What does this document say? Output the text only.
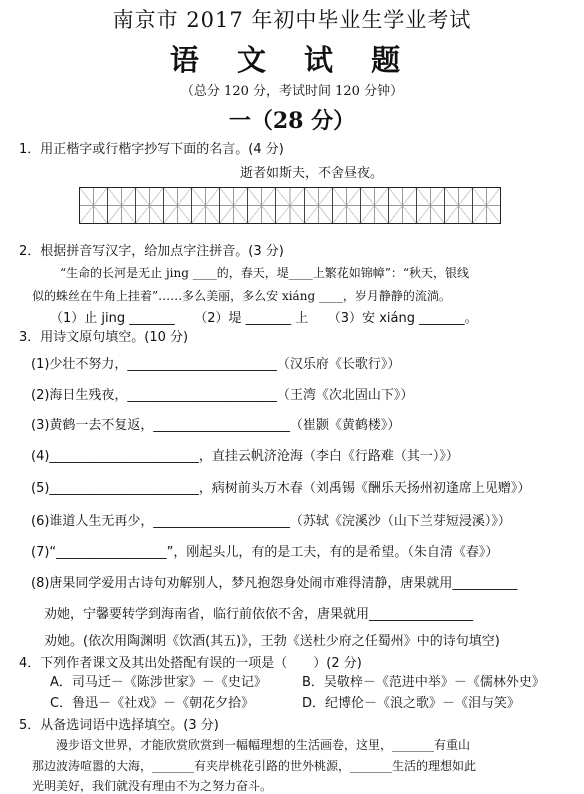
南京市 2017 年初中毕业生学业考试
语 文 试 题
（总分 120 分，考试时间 120 分钟）
一（28 分）
1．用正楷字或行楷字抄写下面的名言。(4 分)
逝者如斯夫，不舍昼夜。
2．根据拼音写汉字，给加点字注拼音。(3 分)
“生命的长河是无止 jing ____的，春天，堤____上繁花如锦幛”：“秋天，银线
似的蛛丝在牛角上挂着”……多么美丽，多么安 xiáng ____，岁月静静的流淌。
（1）止 jing _______　　（2）堤 _______ 上　　（3）安 xiáng _______。
3．用诗文原句填空。(10 分)
(1)少壮不努力，_______________________（汉乐府《长歌行》）
(2)海日生残夜，_______________________（王湾《次北固山下》）
(3)黄鹤一去不复返，_____________________（崔颢《黄鹤楼》）
(4)_______________________，直挂云帆济沧海（李白《行路难（其一）》）
(5)_______________________，病树前头万木春（刘禹锡《酬乐天扬州初逢席上见赠》）
(6)谁道人生无再少，_____________________（苏轼《浣溪沙（山下兰芽短浸溪）》）
(7)“_________________”，刚起头儿，有的是工夫，有的是希望。（朱自清《春》）
(8)唐果同学爱用古诗句劝解别人，梦凡抱怨身处闹市难得清静，唐果就用__________
　劝她，宁馨要转学到海南省，临行前依依不舍，唐果就用________________
　劝她。(依次用陶渊明《饮酒(其五)》，王勃《送杜少府之任蜀州》中的诗句填空)
4．下列作者课文及其出处搭配有误的一项是（　　）(2 分)
A．司马迁－《陈涉世家》－《史记》	B．吴敬梓－《范进中举》－《儒林外史》
C．鲁迅－《社戏》－《朝花夕拾》	D．纪博伦－《浪之歌》－《泪与笑》
5．从备选词语中选择填空。(3 分)
　　漫步语文世界，才能欣赏欣赏到一幅幅理想的生活画卷，这里，_______有重山
那边波涛喧嚣的大海，_______有夹岸桃花引路的世外桃源，_______生活的理想如此
光明美好，我们就没有理由不为之努力奋斗。
